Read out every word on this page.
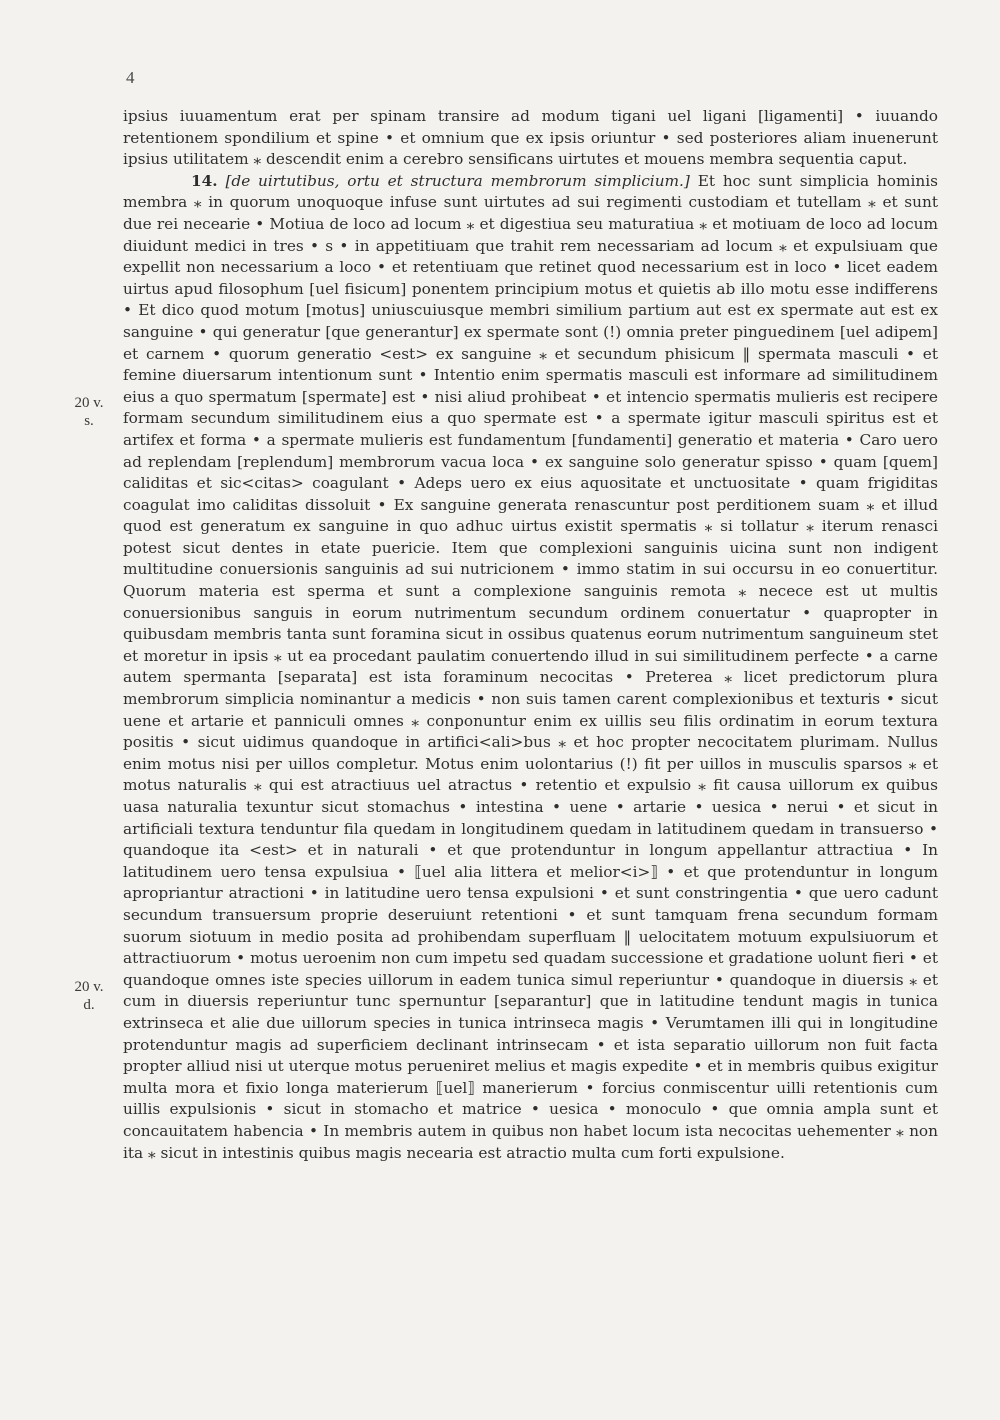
4
20 v.
s.
20 v.
d.

ipsius iuuamentum erat per spinam transire ad modum tigani uel ligani [ligamenti] • iuuando retentionem spondilium et spine • et omnium que ex ipsis oriuntur • sed posteriores aliam inuenerunt ipsius utilitatem ⁎ descendit enim a cerebro sensificans uirtutes et mouens membra sequentia caput.

14. [de uirtutibus, ortu et structura membrorum simplicium.] Et hoc sunt simplicia hominis membra ⁎ in quorum unoquoque infuse sunt uirtutes ad sui regimenti custodiam et tutellam ⁎ et sunt due rei necearie • Motiua de loco ad locum ⁎ et digestiua seu maturatiua ⁎ et motiuam de loco ad locum diuidunt medici in tres • s • in appetitiuam que trahit rem necessariam ad locum ⁎ et expulsiuam que expellit non necessarium a loco • et retentiuam que retinet quod necessarium est in loco • licet eadem uirtus apud filosophum [uel fisicum] ponentem principium motus et quietis ab illo motu esse indifferens • Et dico quod motum [motus] uniuscuiusque membri similium partium aut est ex spermate aut est ex sanguine • qui generatur [que generantur] ex spermate sont (!) omnia preter pinguedinem [uel adipem] et carnem • quorum generatio <est> ex sanguine ⁎ et secundum phisicum ‖ spermata masculi • et femine diuersarum intentionum sunt • Intentio enim spermatis masculi est informare ad similitudinem eius a quo spermatum [spermate] est • nisi aliud prohibeat • et intencio spermatis mulieris est recipere formam secundum similitudinem eius a quo spermate est • a spermate igitur masculi spiritus est et artifex et forma • a spermate mulieris est fundamentum [fundamenti] generatio et materia • Caro uero ad replendam [replendum] membrorum vacua loca • ex sanguine solo generatur spisso • quam [quem] caliditas et sic<citas> coagulant • Adeps uero ex eius aquositate et unctuositate • quam frigiditas coagulat imo caliditas dissoluit • Ex sanguine generata renascuntur post perditionem suam ⁎ et illud quod est generatum ex sanguine in quo adhuc uirtus existit spermatis ⁎ si tollatur ⁎ iterum renasci potest sicut dentes in etate puericie. Item que complexioni sanguinis uicina sunt non indigent multitudine conuersionis sanguinis ad sui nutricionem • immo statim in sui occursu in eo conuertitur. Quorum materia est sperma et sunt a complexione sanguinis remota ⁎ necece est ut multis conuersionibus sanguis in eorum nutrimentum secundum ordinem conuertatur • quapropter in quibusdam membris tanta sunt foramina sicut in ossibus quatenus eorum nutrimentum sanguineum stet et moretur in ipsis ⁎ ut ea procedant paulatim conuertendo illud in sui similitudinem perfecte • a carne autem spermanta [separata] est ista foraminum necocitas • Preterea ⁎ licet predictorum plura membrorum simplicia nominantur a medicis • non suis tamen carent complexionibus et texturis • sicut uene et artarie et panniculi omnes ⁎ conponuntur enim ex uillis seu filis ordinatim in eorum textura positis • sicut uidimus quandoque in artifici<ali>bus ⁎ et hoc propter necocitatem plurimam. Nullus enim motus nisi per uillos completur. Motus enim uolontarius (!) fit per uillos in musculis sparsos ⁎ et motus naturalis ⁎ qui est atractiuus uel atractus • retentio et expulsio ⁎ fit causa uillorum ex quibus uasa naturalia texuntur sicut stomachus • intestina • uene • artarie • uesica • nerui • et sicut in artificiali textura tenduntur fila quedam in longitudinem quedam in latitudinem quedam in transuerso • quandoque ita <est> et in naturali • et que protenduntur in longum appellantur attractiua • In latitudinem uero tensa expulsiua • ⟦uel alia littera et melior<i>⟧ • et que protenduntur in longum apropriantur atractioni • in latitudine uero tensa expulsioni • et sunt constringentia • que uero cadunt secundum transuersum proprie deseruiunt retentioni • et sunt tamquam frena secundum formam suorum siotuum in medio posita ad prohibendam superfluam ‖ uelocitatem motuum expulsiuorum et attractiuorum • motus ueroenim non cum impetu sed quadam successione et gradatione uolunt fieri • et quandoque omnes iste species uillorum in eadem tunica simul reperiuntur • quandoque in diuersis ⁎ et cum in diuersis reperiuntur tunc spernuntur [separantur] que in latitudine tendunt magis in tunica extrinseca et alie due uillorum species in tunica intrinseca magis • Verumtamen illi qui in longitudine protenduntur magis ad superficiem declinant intrinsecam • et ista separatio uillorum non fuit facta propter alliud nisi ut uterque motus perueniret melius et magis expedite • et in membris quibus exigitur multa mora et fixio longa materierum ⟦uel⟧ manerierum • forcius conmiscentur uilli retentionis cum uillis expulsionis • sicut in stomacho et matrice • uesica • monoculo • que omnia ampla sunt et concauitatem habencia • In membris autem in quibus non habet locum ista necocitas uehementer ⁎ non ita ⁎ sicut in intestinis quibus magis necearia est atractio multa cum forti expulsione.
